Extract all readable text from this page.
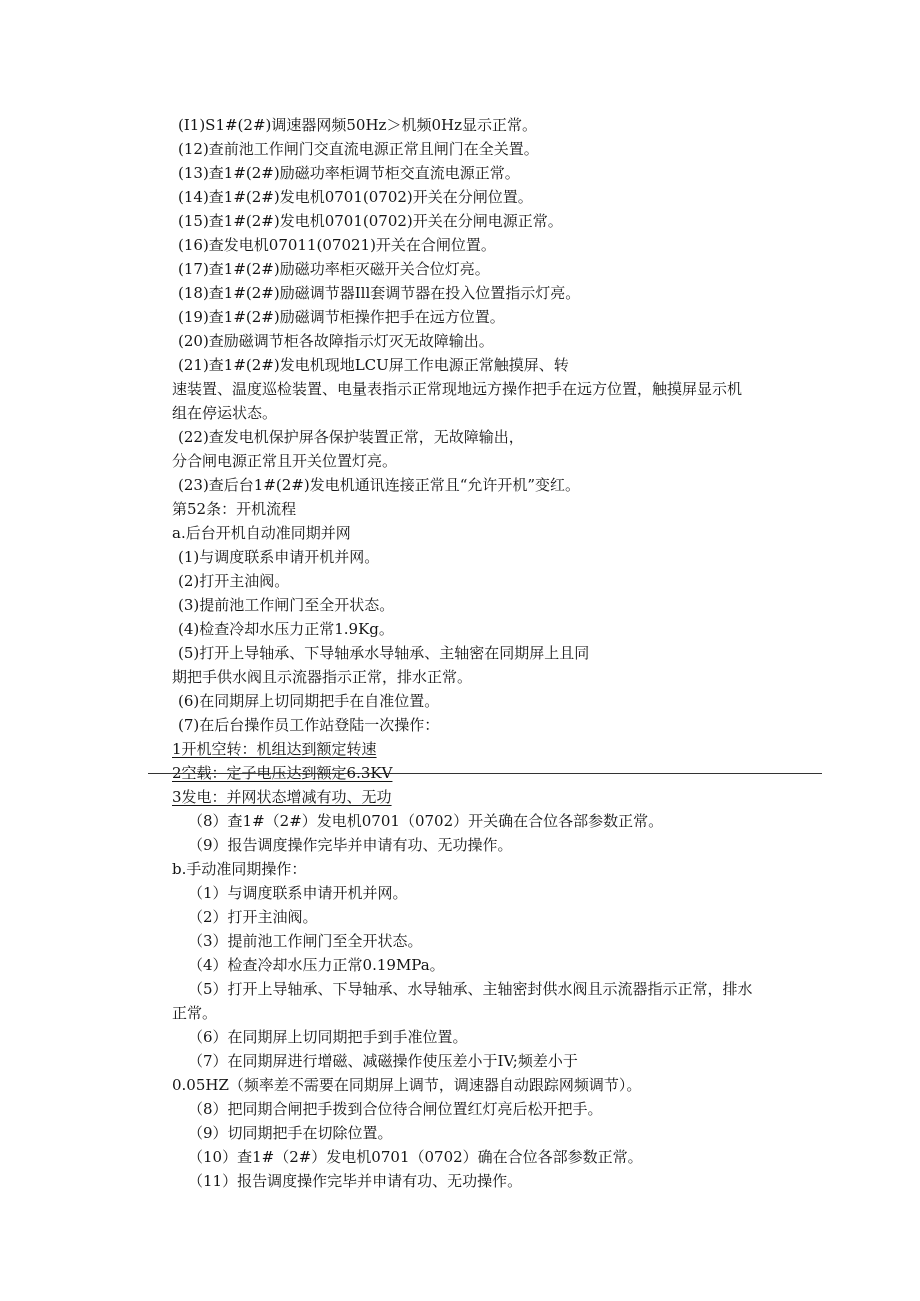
(I1)S1#(2#)调速器网频50Hz＞机频0Hz显示正常。

(12)查前池工作闸门交直流电源正常且闸门在全关置。

(13)查1#(2#)励磁功率柜调节柜交直流电源正常。

(14)查1#(2#)发电机0701(0702)开关在分闸位置。

(15)查1#(2#)发电机0701(0702)开关在分闸电源正常。

(16)查发电机07011(07021)开关在合闸位置。

(17)查1#(2#)励磁功率柜灭磁开关合位灯亮。

(18)查1#(2#)励磁调节器Ill套调节器在投入位置指示灯亮。

(19)查1#(2#)励磁调节柜操作把手在远方位置。

(20)查励磁调节柜各故障指示灯灭无故障输出。

(21)查1#(2#)发电机现地LCU屏工作电源正常触摸屏、转

速装置、温度巡检装置、电量表指示正常现地远方操作把手在远方位置，触摸屏显示机

组在停运状态。

(22)查发电机保护屏各保护装置正常，无故障输出，

分合闸电源正常且开关位置灯亮。

(23)查后台1#(2#)发电机通讯连接正常且“允许开机”变红。

第52条：开机流程

a.后台开机自动准同期并网

(1)与调度联系申请开机并网。

(2)打开主油阀。

(3)提前池工作闸门至全开状态。

(4)检查冷却水压力正常1.9Kg。

(5)打开上导轴承、下导轴承水导轴承、主轴密在同期屏上且同

期把手供水阀且示流器指示正常，排水正常。

(6)在同期屏上切同期把手在自准位置。

(7)在后台操作员工作站登陆一次操作：

1开机空转：机组达到额定转速

2空载：定子电压达到额定6.3KV

3发电：并网状态增减有功、无功

（8）查1#（2#）发电机0701（0702）开关确在合位各部参数正常。

（9）报告调度操作完毕并申请有功、无功操作。

b.手动准同期操作：

（1）与调度联系申请开机并网。

（2）打开主油阀。

（3）提前池工作闸门至全开状态。

（4）检查冷却水压力正常0.19MPa。

（5）打开上导轴承、下导轴承、水导轴承、主轴密封供水阀且示流器指示正常，排水

正常。

（6）在同期屏上切同期把手到手准位置。

（7）在同期屏进行增磁、减磁操作使压差小于IV;频差小于

0.05HZ（频率差不需要在同期屏上调节，调速器自动跟踪网频调节）。

（8）把同期合闸把手拨到合位待合闸位置红灯亮后松开把手。

（9）切同期把手在切除位置。

（10）查1#（2#）发电机0701（0702）确在合位各部参数正常。

（11）报告调度操作完毕并申请有功、无功操作。
